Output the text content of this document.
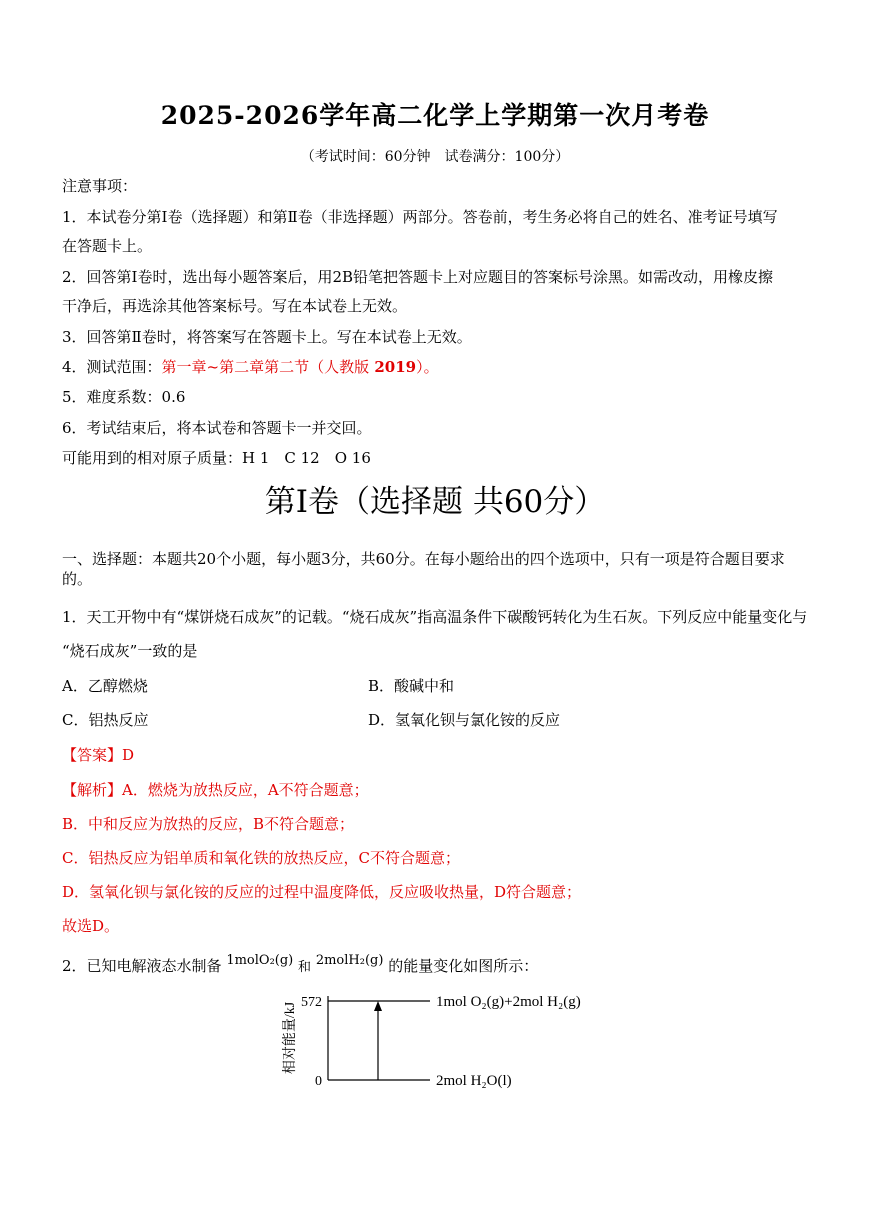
2025-2026学年高二化学上学期第一次月考卷
（考试时间：60分钟　试卷满分：100分）
注意事项：
1．本试卷分第Ⅰ卷（选择题）和第Ⅱ卷（非选择题）两部分。答卷前，考生务必将自己的姓名、准考证号填写
在答题卡上。
2．回答第Ⅰ卷时，选出每小题答案后，用2B铅笔把答题卡上对应题目的答案标号涂黑。如需改动，用橡皮擦
干净后，再选涂其他答案标号。写在本试卷上无效。
3．回答第Ⅱ卷时，将答案写在答题卡上。写在本试卷上无效。
4．测试范围：第一章~第二章第二节（人教版 2019）。
5．难度系数：0.6
6．考试结束后，将本试卷和答题卡一并交回。
可能用到的相对原子质量：H 1　C 12　O 16
第Ⅰ卷（选择题 共60分）
一、选择题：本题共20个小题，每小题3分，共60分。在每小题给出的四个选项中，只有一项是符合题目要求
的。
1．天工开物中有“煤饼烧石成灰”的记载。“烧石成灰”指高温条件下碳酸钙转化为生石灰。下列反应中能量变化与
“烧石成灰”一致的是
A．乙醇燃烧	B．酸碱中和
C．铝热反应	D．氢氧化钡与氯化铵的反应
【答案】D
【解析】A．燃烧为放热反应，A不符合题意；
B．中和反应为放热的反应，B不符合题意；
C．铝热反应为铝单质和氧化铁的放热反应，C不符合题意；
D．氢氧化钡与氯化铵的反应的过程中温度降低，反应吸收热量，D符合题意；
故选D。
2．已知电解液态水制备 1molO₂(g) 和 2molH₂(g) 的能量变化如图所示：
相对能量/kJ 572
0
1mol O₂(g)+2mol H₂(g)
2mol H₂O(l)
